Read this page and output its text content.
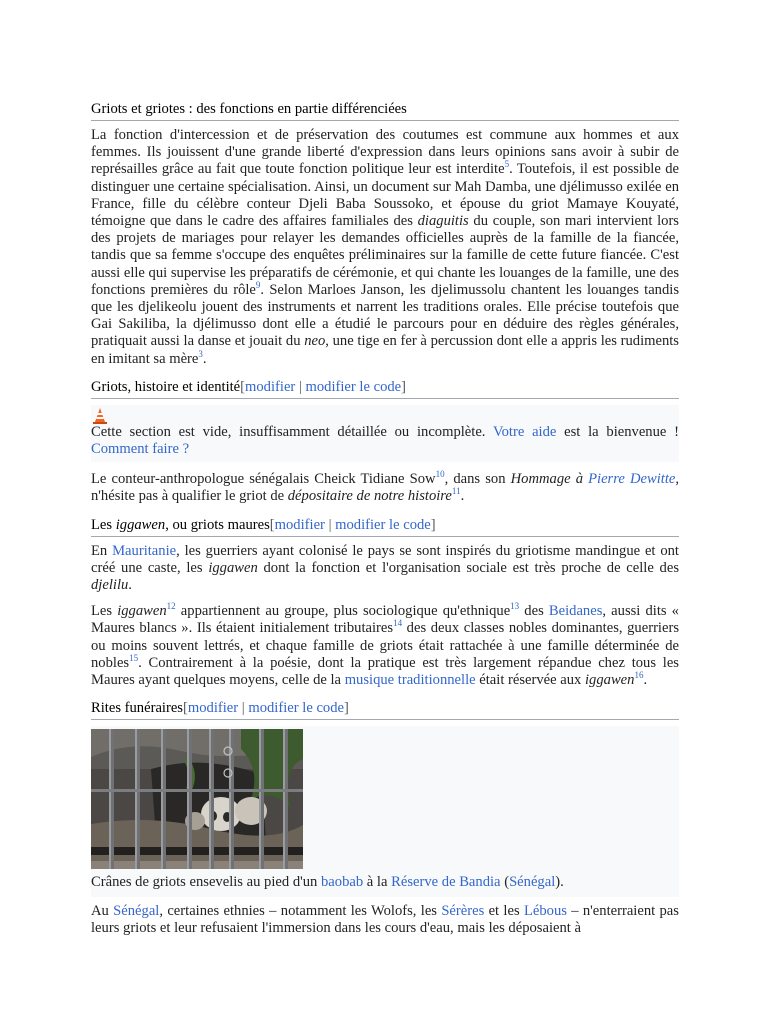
Griots et griotes : des fonctions en partie différenciées

La fonction d'intercession et de préservation des coutumes est commune aux hommes et aux femmes. Ils jouissent d'une grande liberté d'expression dans leurs opinions sans avoir à subir de représailles grâce au fait que toute fonction politique leur est interdite$^5$. Toutefois, il est possible de distinguer une certaine spécialisation. Ainsi, un document sur Mah Damba, une djélimusso exilée en France, fille du célèbre conteur Djeli Baba Soussoko, et épouse du griot Mamaye Kouyaté, témoigne que dans le cadre des affaires familiales des diaguitis du couple, son mari intervient lors des projets de mariages pour relayer les demandes officielles auprès de la famille de la fiancée, tandis que sa femme s'occupe des enquêtes préliminaires sur la famille de cette future fiancée. C'est aussi elle qui supervise les préparatifs de cérémonie, et qui chante les louanges de la famille, une des fonctions premières du rôle$^9$. Selon Marloes Janson, les djelimussolu chantent les louanges tandis que les djelikeolu jouent des instruments et narrent les traditions orales. Elle précise toutefois que Gai Sakiliba, la djélimusso dont elle a étudié le parcours pour en déduire des règles générales, pratiquait aussi la danse et jouait du neo, une tige en fer à percussion dont elle a appris les rudiments en imitant sa mère$^3$.

Griots, histoire et identité[modifier | modifier le code]
Cette section est vide, insuffisamment détaillée ou incomplète. Votre aide est la bienvenue ! Comment faire ?

Le conteur-anthropologue sénégalais Cheick Tidiane Sow$^{10}$, dans son Hommage à Pierre Dewitte, n'hésite pas à qualifier le griot de dépositaire de notre histoire$^{11}$.

Les iggawen, ou griots maures[modifier | modifier le code]

En Mauritanie, les guerriers ayant colonisé le pays se sont inspirés du griotisme mandingue et ont créé une caste, les iggawen dont la fonction et l'organisation sociale est très proche de celle des djelilu.

Les iggawen$^{12}$ appartiennent au groupe, plus sociologique qu'ethnique$^{13}$ des Beidanes, aussi dits « Maures blancs ». Ils étaient initialement tributaires$^{14}$ des deux classes nobles dominantes, guerriers ou moins souvent lettrés, et chaque famille de griots était rattachée à une famille déterminée de nobles$^{15}$. Contrairement à la poésie, dont la pratique est très largement répandue chez tous les Maures ayant quelques moyens, celle de la musique traditionnelle était réservée aux iggawen$^{16}$.

Rites funéraires[modifier | modifier le code]
Crânes de griots ensevelis au pied d'un baobab à la Réserve de Bandia (Sénégal).

Au Sénégal, certaines ethnies – notamment les Wolofs, les Sérères et les Lébous – n'enterraient pas leurs griots et leur refusaient l'immersion dans les cours d'eau, mais les déposaient à
